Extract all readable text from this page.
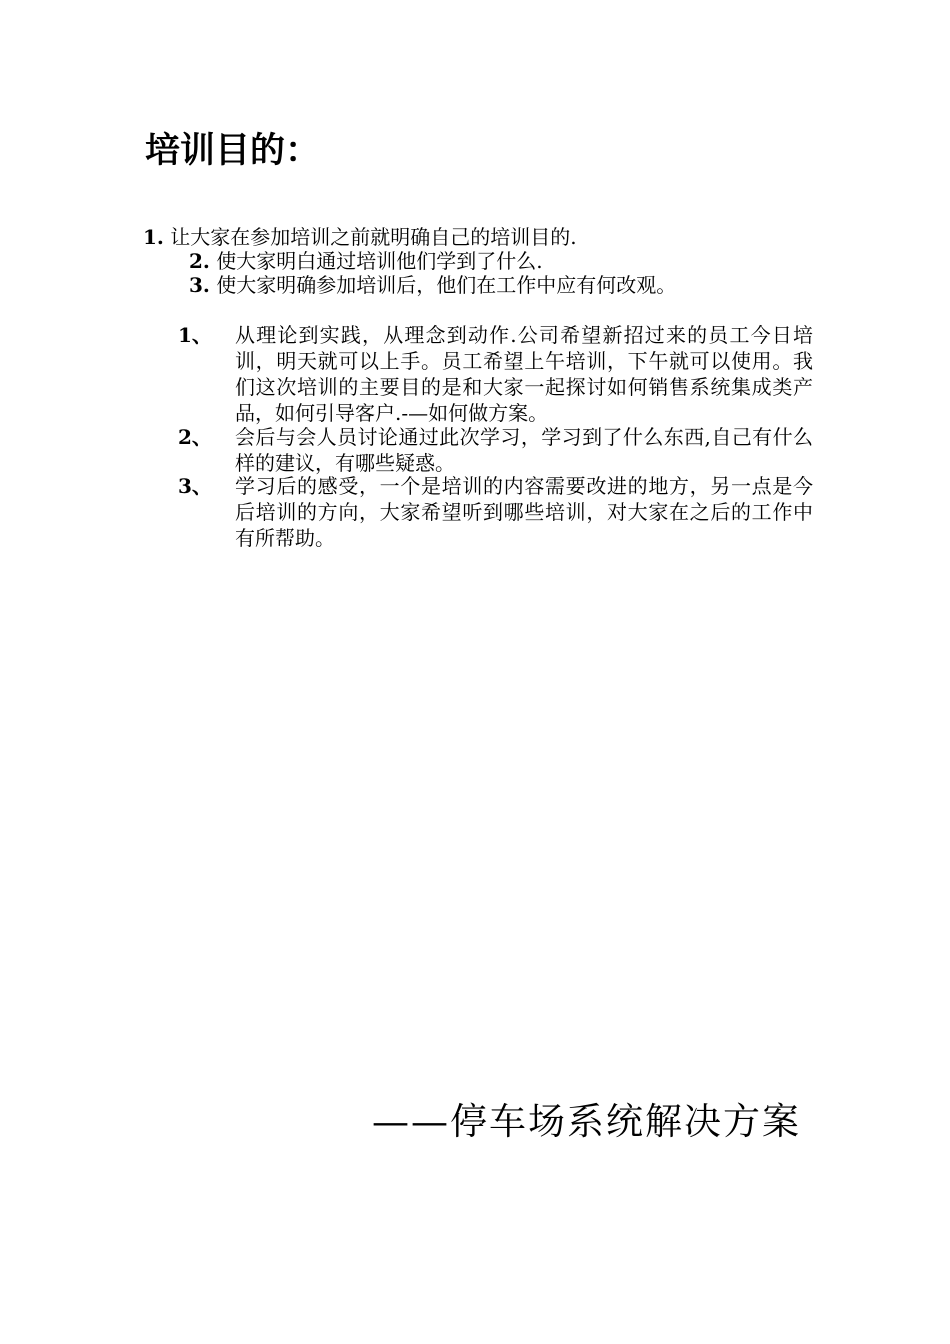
培训目的：
1. 让大家在参加培训之前就明确自己的培训目的.
2. 使大家明白通过培训他们学到了什么.
3. 使大家明确参加培训后，他们在工作中应有何改观。
1、 从理论到实践，从理念到动作.公司希望新招过来的员工今日培训，明天就可以上手。员工希望上午培训，下午就可以使用。我们这次培训的主要目的是和大家一起探讨如何销售系统集成类产品，如何引导客户.-—如何做方案。
2、 会后与会人员讨论通过此次学习，学习到了什么东西,自己有什么样的建议，有哪些疑惑。
3、 学习后的感受，一个是培训的内容需要改进的地方，另一点是今后培训的方向，大家希望听到哪些培训，对大家在之后的工作中有所帮助。
——停车场系统解决方案
